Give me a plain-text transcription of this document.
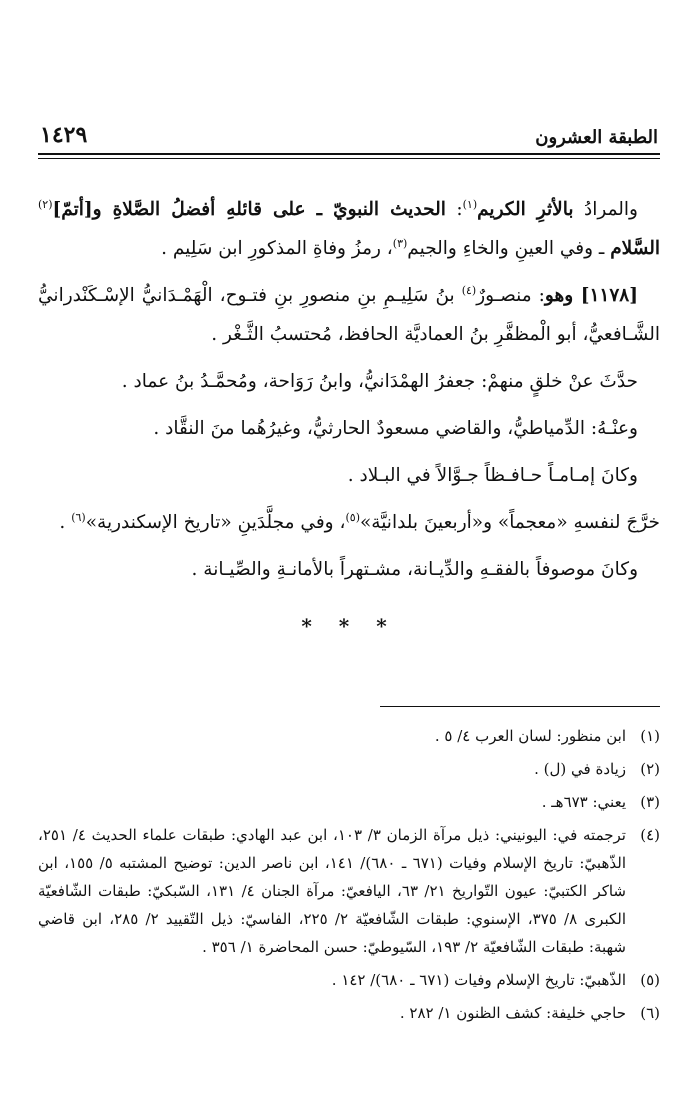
١٤٢٩	الطبقة العشرون

والمرادُ بالأثرِ الكريم$^{(١)}$: الحديث النبويّ ـ على قائلهِ أفضلُ الصَّلاةِ و[أتمّ]$^{(٢)}$ السَّلام ـ وفي العينِ والخاءِ والجيم$^{(٣)}$، رمزُ وفاةِ المذكورِ ابن سَلِيم .

[١١٧٨] وهو: منصـورٌ$^{(٤)}$ بنُ سَلِيـمِ بنِ منصورِ بنِ فتـوح، الْهَمْـدَانيُّ الإسْـكَنْدرانيُّ الشَّـافعيُّ، أبو الْمظفَّرِ بنُ العماديَّة الحافظ، مُحتسبُ الثَّـغْر .

حدَّثَ عنْ خلقٍ منهمْ: جعفرُ الهمْدَانيُّ، وابنُ رَوَاحة، ومُحمَّـدُ بنُ عماد .

وعنْـهُ: الدِّمياطيُّ، والقاضي مسعودٌ الحارثيُّ، وغيرُهُما منَ النقَّاد .

وكانَ إمـامـاً حـافـظاً جـوَّالاً في البـلاد .

خرَّجَ لنفسهِ «معجماً» و«أربعينَ بلدانيَّة»$^{(٥)}$، وفي مجلَّدَينِ «تاريخ الإسكندرية»$^{(٦)}$ .

وكانَ موصوفاً بالفقـهِ والدِّيـانة، مشـتهراً بالأمانـةِ والصِّيـانة .

* * *
(١)
ابن منظور: لسان العرب ٤/ ٥ .
(٢)
زيادة في (ل) .
(٣)
يعني: ٦٧٣هـ .
(٤)
ترجمته في: اليونيني: ذيل مرآة الزمان ٣/ ١٠٣، ابن عبد الهادي: طبقات علماء الحديث ٤/ ٢٥١، الذّهبيّ: تاريخ الإسلام وفيات (٦٧١ ـ ٦٨٠)/ ١٤١، ابن ناصر الدين: توضيح المشتبه ٥/ ١٥٥، ابن شاكر الكتبيّ: عيون التّواريخ ٢١/ ٦٣، اليافعيّ: مرآة الجنان ٤/ ١٣١، السّبكيّ: طبقات الشّافعيّة الكبرى ٨/ ٣٧٥، الإسنوي: طبقات الشّافعيّة ٢/ ٢٢٥، الفاسيّ: ذيل التّقييد ٢/ ٢٨٥، ابن قاضي شهبة: طبقات الشّافعيّة ٢/ ١٩٣، السّيوطيّ: حسن المحاضرة ١/ ٣٥٦ .
(٥)
الذّهبيّ: تاريخ الإسلام وفيات (٦٧١ ـ ٦٨٠)/ ١٤٢ .
(٦)
حاجي خليفة: كشف الظنون ١/ ٢٨٢ .
